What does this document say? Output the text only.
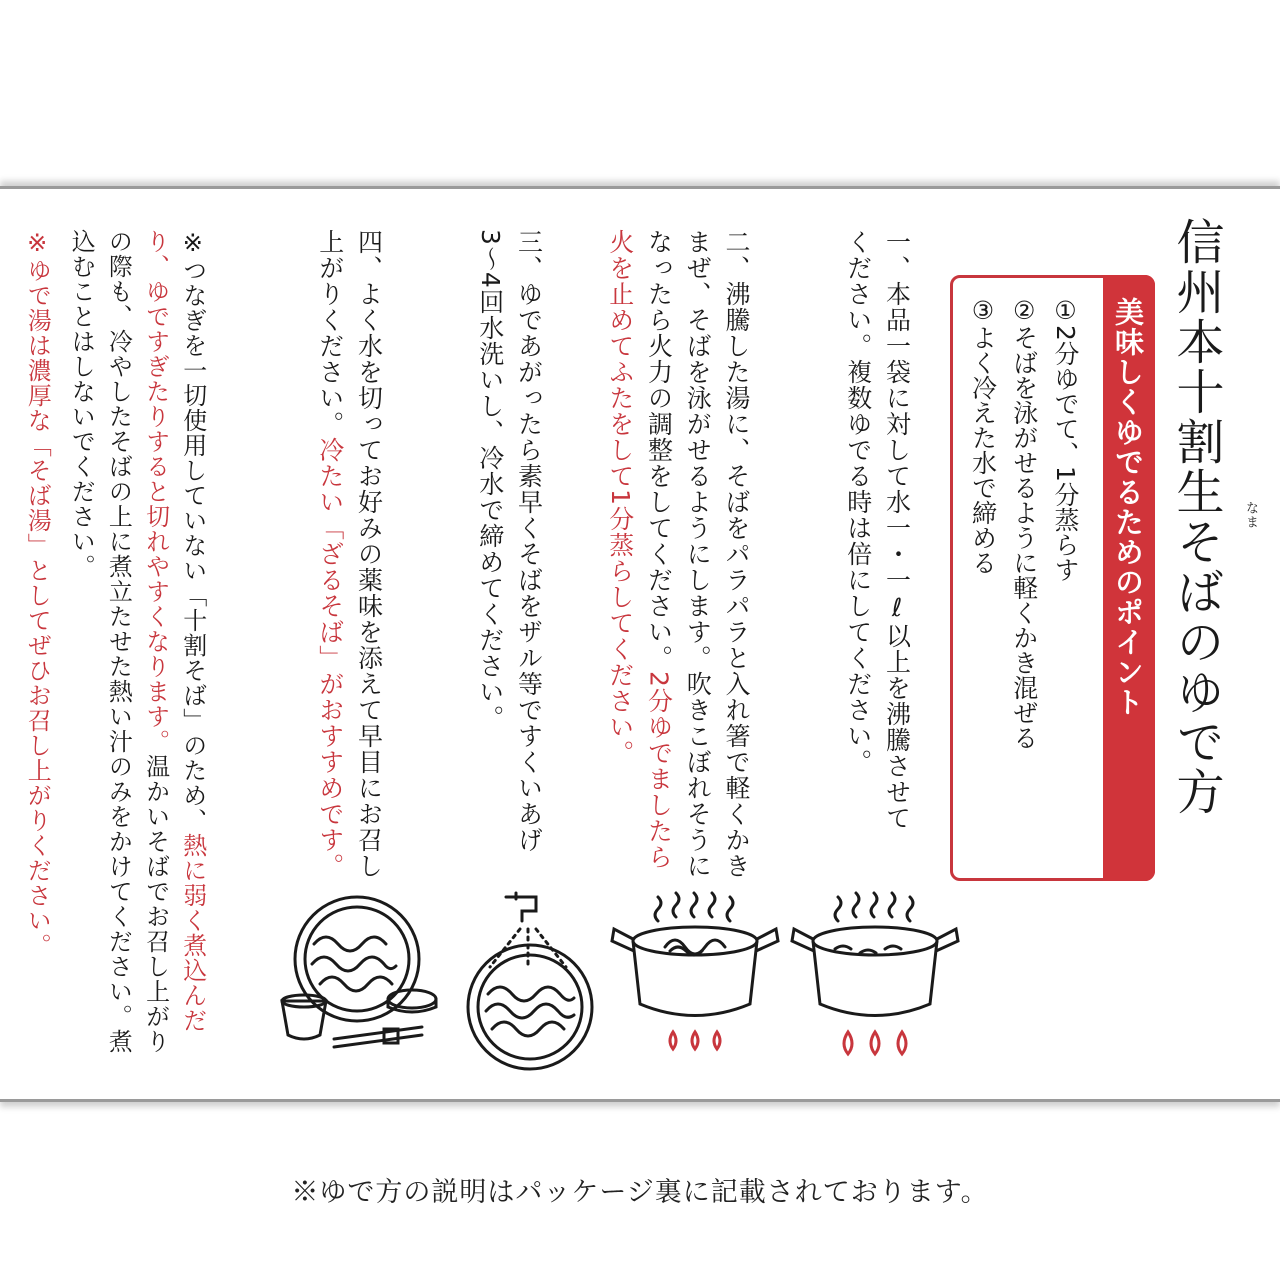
信州本十割生そばのゆで方 なま
美味しくゆでるためのポイント
①2分ゆでて、1分蒸らす
②そばを泳がせるように軽くかき混ぜる
③よく冷えた水で締める
一、本品一袋に対して水一・一ℓ以上を沸騰させてください。複数ゆでる時は倍にしてください。
二、沸騰した湯に、そばをパラパラと入れ箸で軽くかきまぜ、そばを泳がせるようにします。吹きこぼれそうになったら火力の調整をしてください。2分ゆでましたら火を止めてふたをして1分蒸らしてください。
三、ゆであがったら素早くそばをザル等ですくいあげ3〜4回水洗いし、冷水で締めてください。
四、よく水を切ってお好みの薬味を添えて早目にお召し上がりください。冷たい「ざるそば」がおすすめです。
※つなぎを一切使用していない「十割そば」のため、熱に弱く煮込んだり、ゆですぎたりすると切れやすくなります。温かいそばでお召し上がりの際も、冷やしたそばの上に煮立たせた熱い汁のみをかけてください。煮込むことはしないでください。
※ゆで湯は濃厚な「そば湯」としてぜひお召し上がりください。
※ゆで方の説明はパッケージ裏に記載されております。
